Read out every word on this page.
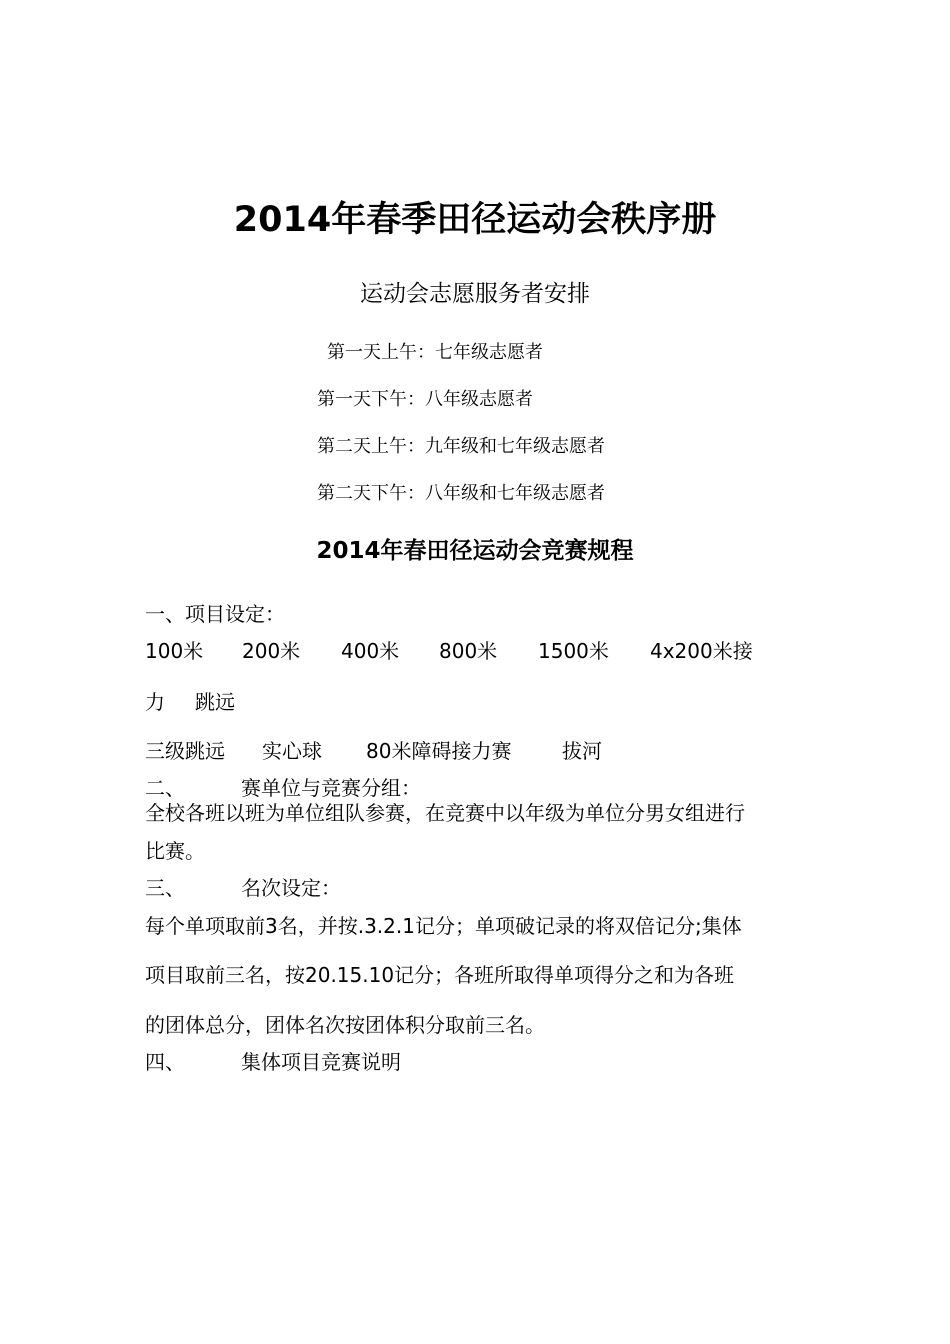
2014年春季田径运动会秩序册
运动会志愿服务者安排
第一天上午：七年级志愿者
第一天下午：八年级志愿者
第二天上午：九年级和七年级志愿者
第二天下午：八年级和七年级志愿者
2014年春田径运动会竞赛规程
一、项目设定：
100米 200米 400米 800米 1500米 4x200米接
力 跳远
三级跳远 实心球 80米障碍接力赛	拔河
二、	赛单位与竞赛分组：
全校各班以班为单位组队参赛，在竞赛中以年级为单位分男女组进行
比赛。
三、	名次设定：
每个单项取前3名，并按.3.2.1记分；单项破记录的将双倍记分;集体
项目取前三名，按20.15.10记分；各班所取得单项得分之和为各班
的团体总分，团体名次按团体积分取前三名。
四、	集体项目竞赛说明
